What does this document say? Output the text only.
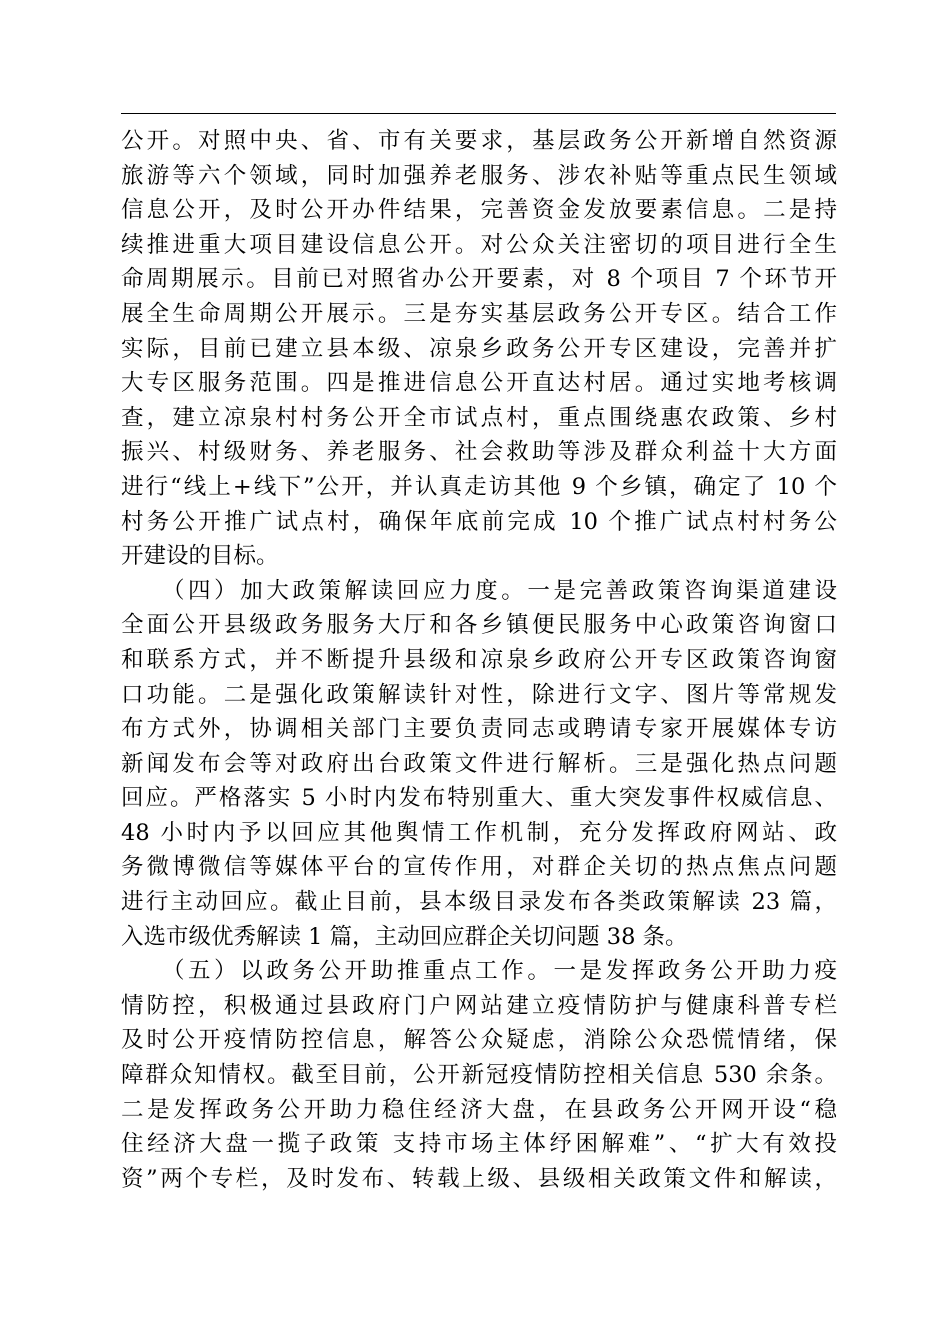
公开。对照中央、省、市有关要求，基层政务公开新增自然资源
旅游等六个领域，同时加强养老服务、涉农补贴等重点民生领域
信息公开，及时公开办件结果，完善资金发放要素信息。二是持
续推进重大项目建设信息公开。对公众关注密切的项目进行全生
命周期展示。目前已对照省办公开要素，对 8 个项目 7 个环节开
展全生命周期公开展示。三是夯实基层政务公开专区。结合工作
实际，目前已建立县本级、凉泉乡政务公开专区建设，完善并扩
大专区服务范围。四是推进信息公开直达村居。通过实地考核调
查，建立凉泉村村务公开全市试点村，重点围绕惠农政策、乡村
振兴、村级财务、养老服务、社会救助等涉及群众利益十大方面
进行“线上+线下”公开，并认真走访其他 9 个乡镇，确定了 10 个
村务公开推广试点村，确保年底前完成 10 个推广试点村村务公
开建设的目标。
　　（四）加大政策解读回应力度。一是完善政策咨询渠道建设
全面公开县级政务服务大厅和各乡镇便民服务中心政策咨询窗口
和联系方式，并不断提升县级和凉泉乡政府公开专区政策咨询窗
口功能。二是强化政策解读针对性，除进行文字、图片等常规发
布方式外，协调相关部门主要负责同志或聘请专家开展媒体专访
新闻发布会等对政府出台政策文件进行解析。三是强化热点问题
回应。严格落实 5 小时内发布特别重大、重大突发事件权威信息、
48 小时内予以回应其他舆情工作机制，充分发挥政府网站、政
务微博微信等媒体平台的宣传作用，对群企关切的热点焦点问题
进行主动回应。截止目前，县本级目录发布各类政策解读 23 篇，
入选市级优秀解读 1 篇，主动回应群企关切问题 38 条。
　　（五）以政务公开助推重点工作。一是发挥政务公开助力疫
情防控，积极通过县政府门户网站建立疫情防护与健康科普专栏
及时公开疫情防控信息，解答公众疑虑，消除公众恐慌情绪，保
障群众知情权。截至目前，公开新冠疫情防控相关信息 530 余条。
二是发挥政务公开助力稳住经济大盘，在县政务公开网开设“稳
住经济大盘一揽子政策 支持市场主体纾困解难”、“扩大有效投
资”两个专栏，及时发布、转载上级、县级相关政策文件和解读，
